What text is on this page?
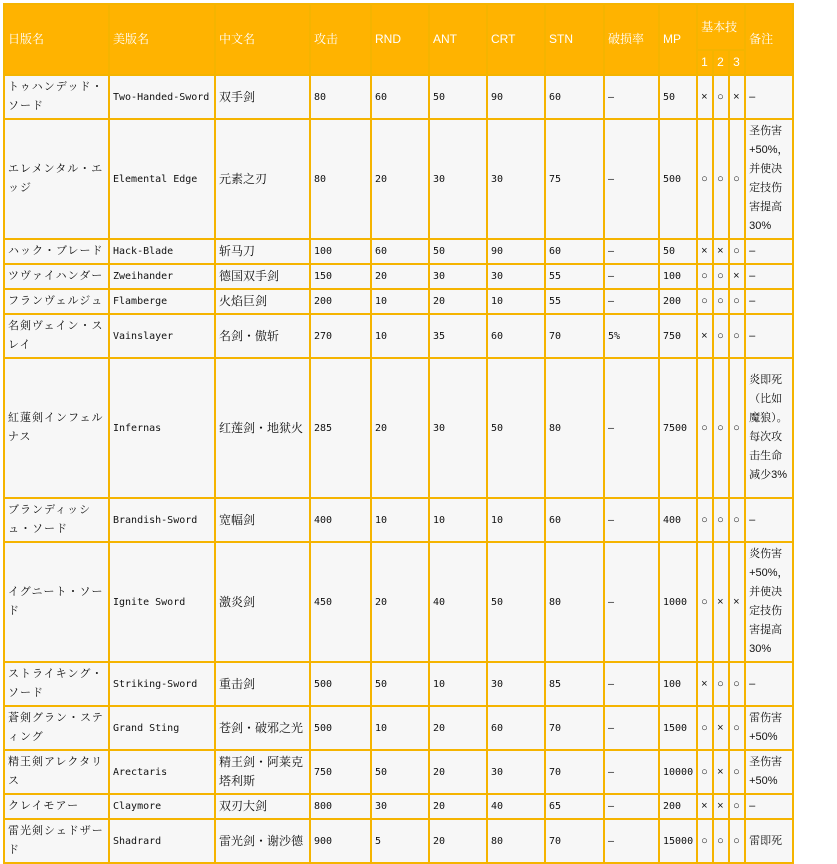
日版名	美版名	中文名	攻击	RND	ANT	CRT	STN	破损率	MP	基本技			备注
										1	2	3	
トゥハンデッド・ソード	Two-Handed-Sword	双手剑	80	60	50	90	60	–	50	×	○	×	–
エレメンタル・エッジ	Elemental Edge	元素之刃	80	20	30	30	75	–	500	○	○	○	圣伤害+50%，并使决定技伤害提高30%
ハック・ブレード	Hack-Blade	斩马刀	100	60	50	90	60	–	50	×	×	○	–
ツヴァイハンダー	Zweihander	德国双手剑	150	20	30	30	55	–	100	○	○	×	–
フランヴェルジュ	Flamberge	火焰巨剑	200	10	20	10	55	–	200	○	○	○	–
名剣ヴェイン・スレイ	Vainslayer	名剑・傲斩	270	10	35	60	70	5%	750	×	○	○	–
紅蓮剣インフェルナス	Infernas	红莲剑・地狱火	285	20	30	50	80	–	7500	○	○	○	炎即死（比如魔狼）。每次攻击生命减少3%
ブランディッシュ・ソード	Brandish-Sword	宽幅剑	400	10	10	10	60	–	400	○	○	○	–
イグニート・ソード	Ignite Sword	激炎剑	450	20	40	50	80	–	1000	○	×	×	炎伤害+50%，并使决定技伤害提高30%
ストライキング・ソード	Striking-Sword	重击剑	500	50	10	30	85	–	100	×	○	○	–
蒼剣グラン・スティング	Grand Sting	苍剑・破邪之光	500	10	20	60	70	–	1500	○	×	○	雷伤害+50%
精王剣アレクタリス	Arectaris	精王剑・阿莱克塔利斯	750	50	20	30	70	–	10000	○	×	○	圣伤害+50%
クレイモアー	Claymore	双刃大剑	800	30	20	40	65	–	200	×	×	○	–
雷光剣シェドザード	Shadrard	雷光剑・谢沙德	900	5	20	80	70	–	15000	○	○	○	雷即死
